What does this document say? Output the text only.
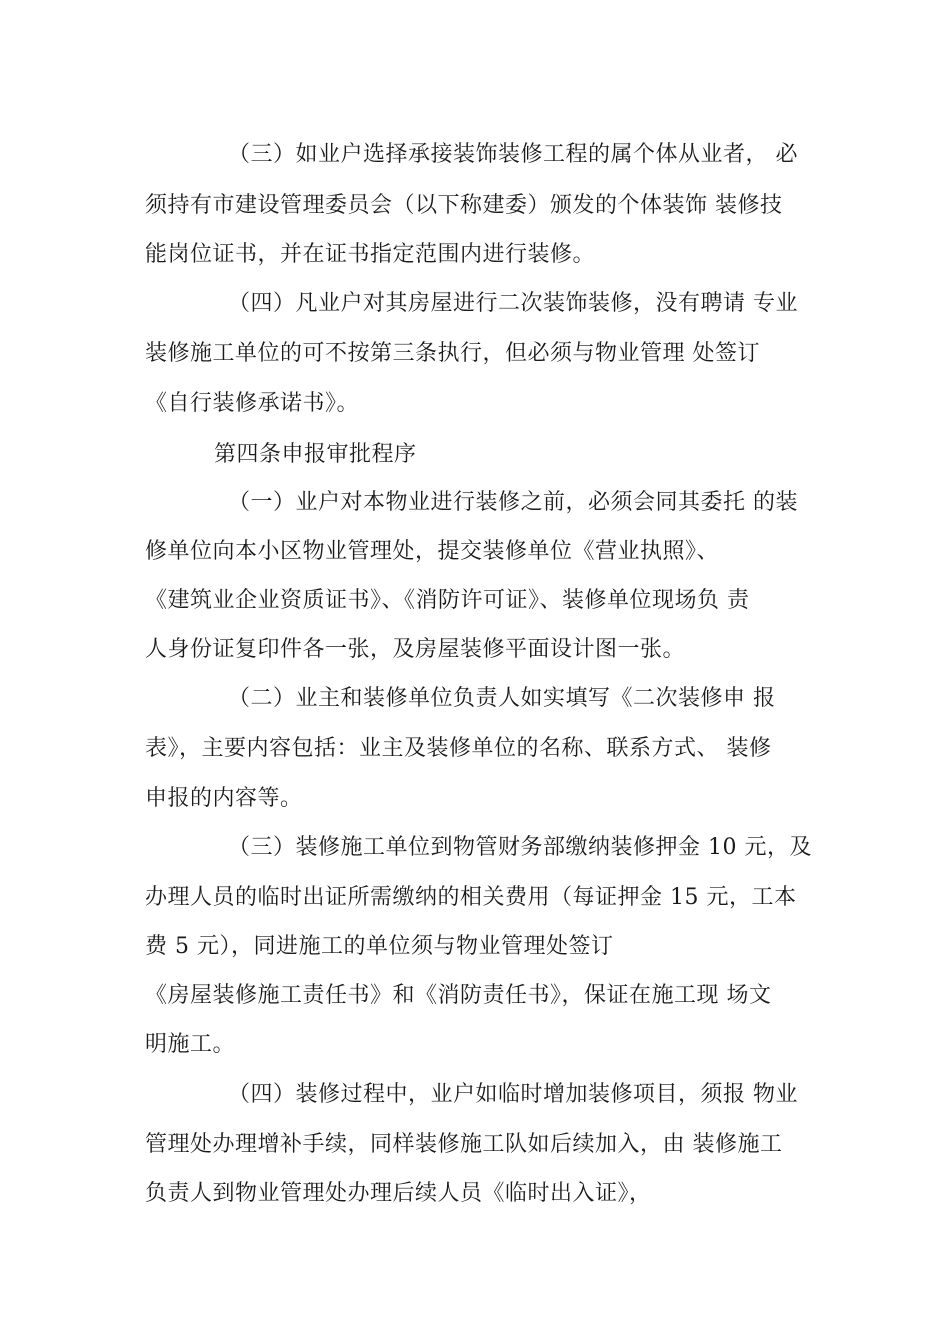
（三）如业户选择承接装饰装修工程的属个体从业者， 必
须持有市建设管理委员会（以下称建委）颁发的个体装饰 装修技
能岗位证书，并在证书指定范围内进行装修。
（四）凡业户对其房屋进行二次装饰装修，没有聘请 专业
装修施工单位的可不按第三条执行，但必须与物业管理 处签订
《自行装修承诺书》。
第四条申报审批程序
（一）业户对本物业进行装修之前，必须会同其委托 的装
修单位向本小区物业管理处，提交装修单位《营业执照》、
《建筑业企业资质证书》、《消防许可证》、装修单位现场负 责
人身份证复印件各一张，及房屋装修平面设计图一张。
（二）业主和装修单位负责人如实填写《二次装修申 报
表》，主要内容包括：业主及装修单位的名称、联系方式、 装修
申报的内容等。
（三）装修施工单位到物管财务部缴纳装修押金 10 元，及
办理人员的临时出证所需缴纳的相关费用（每证押金 15 元，工本
费 5 元），同进施工的单位须与物业管理处签订
《房屋装修施工责任书》和《消防责任书》，保证在施工现 场文
明施工。
（四）装修过程中，业户如临时增加装修项目，须报 物业
管理处办理增补手续，同样装修施工队如后续加入，由 装修施工
负责人到物业管理处办理后续人员《临时出入证》，
